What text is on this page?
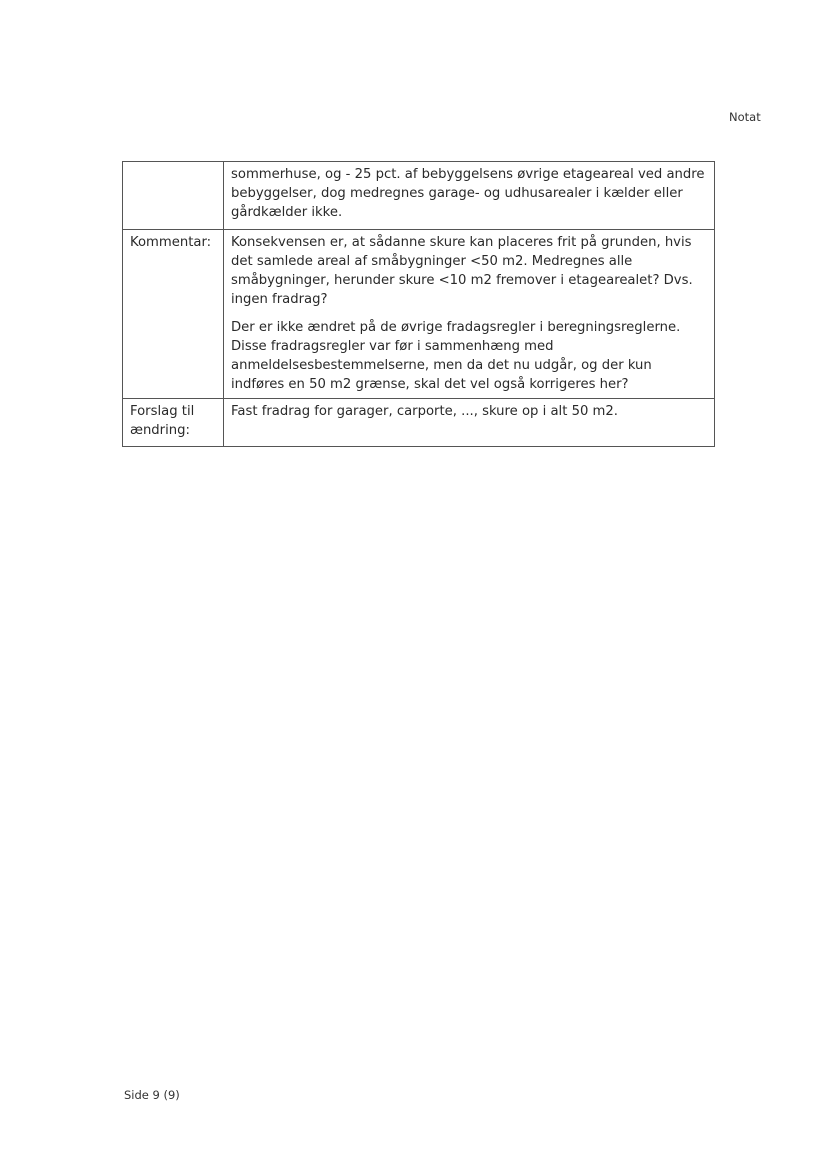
Notat

	sommerhuse, og - 25 pct. af bebyggelsens øvrige etageareal ved andre bebyggelser, dog medregnes garage- og udhusarealer i kælder eller gårdkælder ikke.

Kommentar:	Konsekvensen er, at sådanne skure kan placeres frit på grunden, hvis det samlede areal af småbygninger <50 m2. Medregnes alle småbygninger, herunder skure <10 m2 fremover i etagearealet? Dvs. ingen fradrag?

Der er ikke ændret på de øvrige fradagsregler i beregningsreglerne. Disse fradragsregler var før i sammenhæng med anmeldelsesbestemmelserne, men da det nu udgår, og der kun indføres en 50 m2 grænse, skal det vel også korrigeres her?

Forslag til ændring:	Fast fradrag for garager, carporte, ..., skure op i alt 50 m2.

Side 9 (9)
